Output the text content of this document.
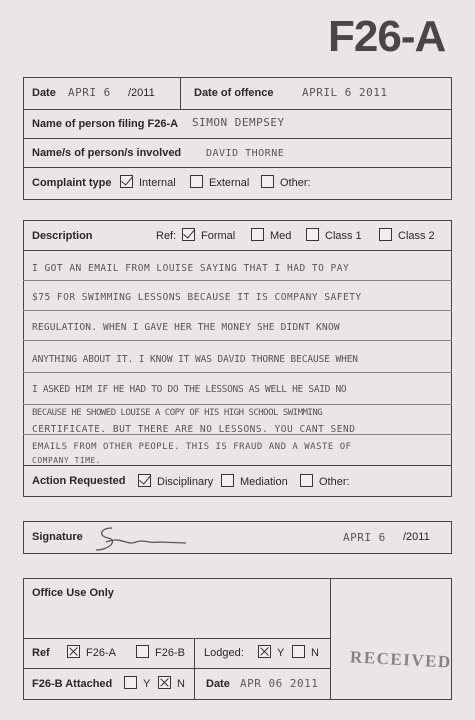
F26-A
Date APRI 6 /2011	Date of offence	APRIL 6 2011
Name of person filing F26-A SIMON DEMPSEY
Name/s of person/s involved DAVID THORNE
Complaint type	Internal	External	Other:
Description	Ref: Formal	Med	Class 1	Class 2
I GOT AN EMAIL FROM LOUISE SAYING THAT I HAD TO PAY
$75 FOR SWIMMING LESSONS BECAUSE IT IS COMPANY SAFETY
REGULATION. WHEN I GAVE HER THE MONEY SHE DIDNT KNOW
ANYTHING ABOUT IT. I KNOW IT WAS DAVID THORNE BECAUSE WHEN
I ASKED HIM IF HE HAD TO DO THE LESSONS AS WELL HE SAID NO
BECAUSE HE SHOWED LOUISE A COPY OF HIS HIGH SCHOOL SWIMMING
CERTIFICATE. BUT THERE ARE NO LESSONS. YOU CANT SEND
EMAILS FROM OTHER PEOPLE. THIS IS FRAUD AND A WASTE OF
COMPANY TIME.
Action Requested	Disciplinary Mediation	Other:
Signature	APRI 6 /2011
Office Use Only
Ref	F26-A	F26-B Lodged:	Y N
F26-B Attached	Y N Date APR 06 2011
RECEIVED
